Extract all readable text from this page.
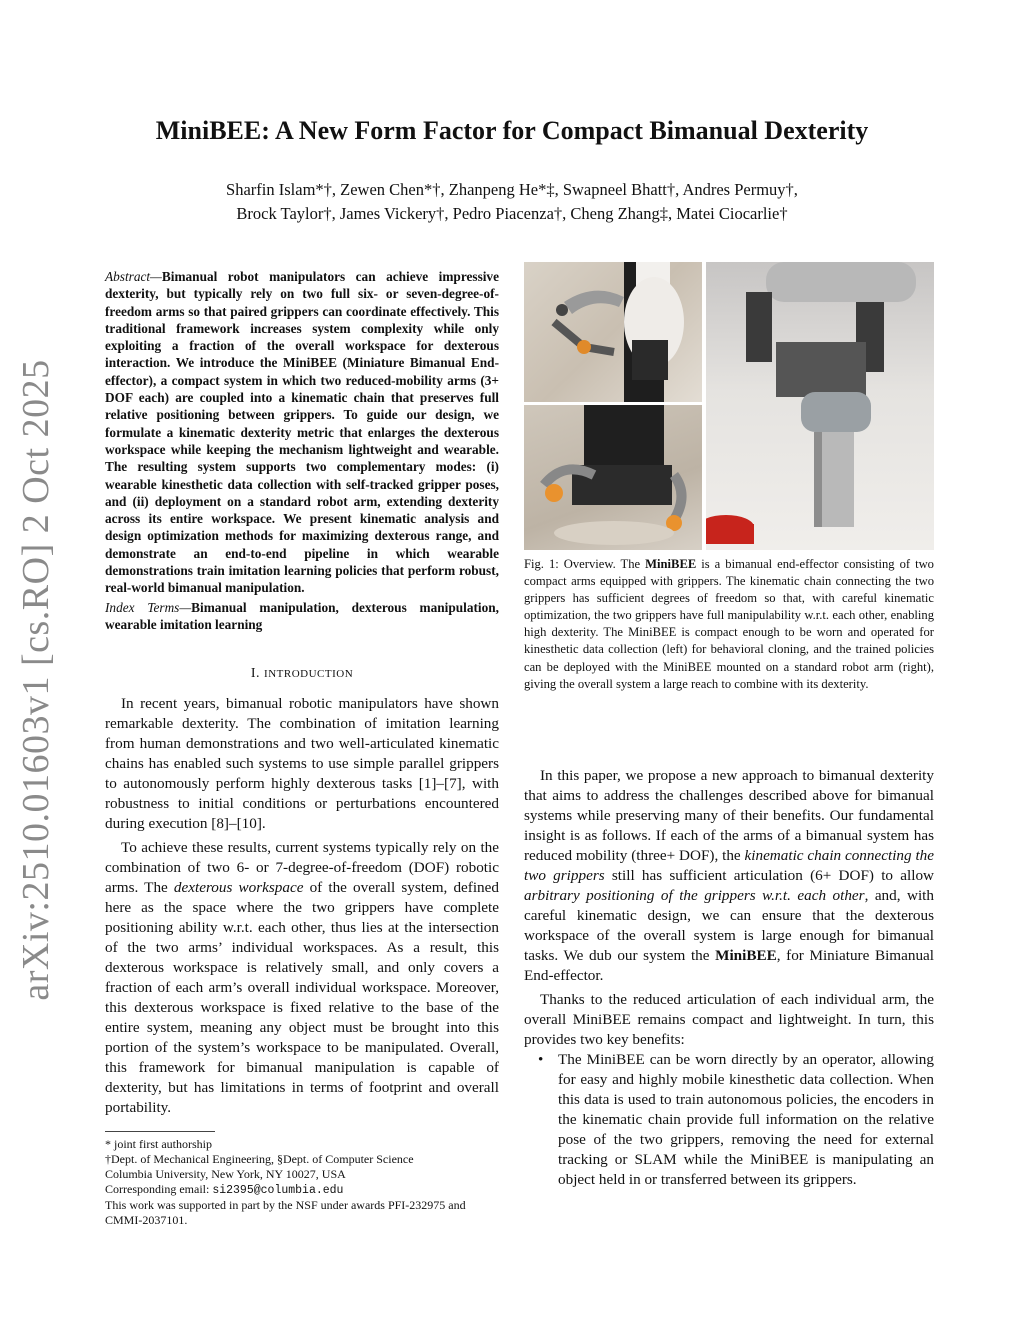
arXiv:2510.01603v1 [cs.RO] 2 Oct 2025
MiniBEE: A New Form Factor for Compact Bimanual Dexterity
Sharfin Islam*†, Zewen Chen*†, Zhanpeng He*‡, Swapneel Bhatt†, Andres Permuy†,
Brock Taylor†, James Vickery†, Pedro Piacenza†, Cheng Zhang‡, Matei Ciocarlie†
Abstract—Bimanual robot manipulators can achieve impressive dexterity, but typically rely on two full six- or seven-degree-of-freedom arms so that paired grippers can coordinate effectively. This traditional framework increases system complexity while only exploiting a fraction of the overall workspace for dexterous interaction. We introduce the MiniBEE (Miniature Bimanual End-effector), a compact system in which two reduced-mobility arms (3+ DOF each) are coupled into a kinematic chain that preserves full relative positioning between grippers. To guide our design, we formulate a kinematic dexterity metric that enlarges the dexterous workspace while keeping the mechanism lightweight and wearable. The resulting system supports two complementary modes: (i) wearable kinesthetic data collection with self-tracked gripper poses, and (ii) deployment on a standard robot arm, extending dexterity across its entire workspace. We present kinematic analysis and design optimization methods for maximizing dexterous range, and demonstrate an end-to-end pipeline in which wearable demonstrations train imitation learning policies that perform robust, real-world bimanual manipulation.
Index Terms—Bimanual manipulation, dexterous manipulation, wearable imitation learning
I. INTRODUCTION

In recent years, bimanual robotic manipulators have shown remarkable dexterity. The combination of imitation learning from human demonstrations and two well-articulated kinematic chains has enabled such systems to use simple parallel grippers to autonomously perform highly dexterous tasks [1]–[7], with robustness to initial conditions or perturbations encountered during execution [8]–[10].

To achieve these results, current systems typically rely on the combination of two 6- or 7-degree-of-freedom (DOF) robotic arms. The dexterous workspace of the overall system, defined here as the space where the two grippers have complete positioning ability w.r.t. each other, thus lies at the intersection of the two arms’ individual workspaces. As a result, this dexterous workspace is relatively small, and only covers a fraction of each arm’s overall individual workspace. Moreover, this dexterous workspace is fixed relative to the base of the entire system, meaning any object must be brought into this portion of the system’s workspace to be manipulated. Overall, this framework for bimanual manipulation is capable of dexterity, but has limitations in terms of footprint and overall portability.

* joint first authorship
†Dept. of Mechanical Engineering, §Dept. of Computer Science
Columbia University, New York, NY 10027, USA
Corresponding email: si2395@columbia.edu
This work was supported in part by the NSF under awards PFI-232975 and CMMI-2037101.
Fig. 1: Overview. The MiniBEE is a bimanual end-effector consisting of two compact arms equipped with grippers. The kinematic chain connecting the two grippers has sufficient degrees of freedom so that, with careful kinematic optimization, the two grippers have full manipulability w.r.t. each other, enabling high dexterity. The MiniBEE is compact enough to be worn and operated for kinesthetic data collection (left) for behavioral cloning, and the trained policies can be deployed with the MiniBEE mounted on a standard robot arm (right), giving the overall system a large reach to combine with its dexterity.

In this paper, we propose a new approach to bimanual dexterity that aims to address the challenges described above for bimanual systems while preserving many of their benefits. Our fundamental insight is as follows. If each of the arms of a bimanual system has reduced mobility (three+ DOF), the kinematic chain connecting the two grippers still has sufficient articulation (6+ DOF) to allow arbitrary positioning of the grippers w.r.t. each other, and, with careful kinematic design, we can ensure that the dexterous workspace of the overall system is large enough for bimanual tasks. We dub our system the MiniBEE, for Miniature Bimanual End-effector.

Thanks to the reduced articulation of each individual arm, the overall MiniBEE remains compact and lightweight. In turn, this provides two key benefits:

• The MiniBEE can be worn directly by an operator, allowing for easy and highly mobile kinesthetic data collection. When this data is used to train autonomous policies, the encoders in the kinematic chain provide full information on the relative pose of the two grippers, removing the need for external tracking or SLAM while the MiniBEE is manipulating an object held in or transferred between its grippers.
